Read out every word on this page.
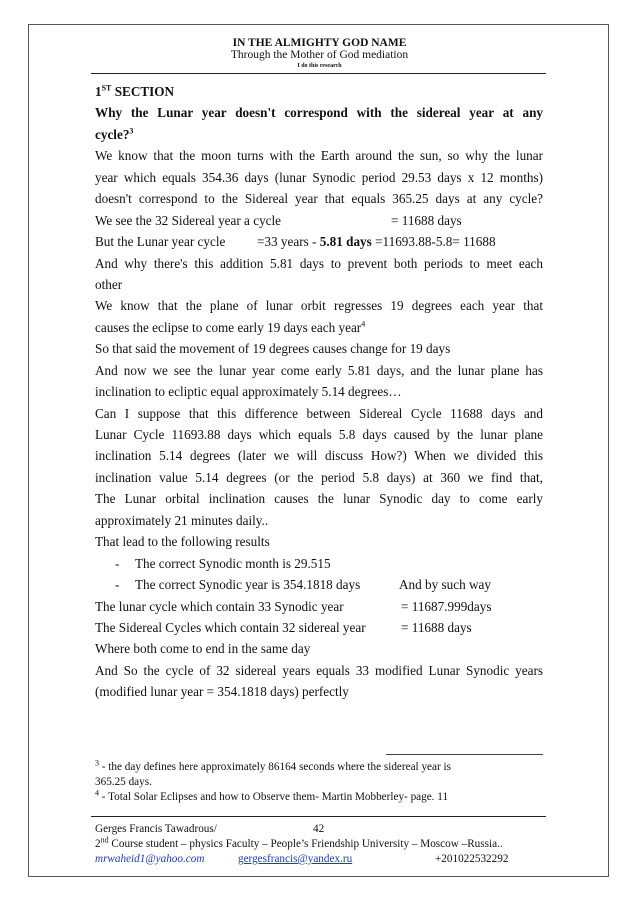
IN THE ALMIGHTY GOD NAME
Through the Mother of God mediation
I do this research
1ST SECTION
Why the Lunar year doesn't correspond with the sidereal year at any
cycle?$^3$
We know that the moon turns with the Earth around the sun, so why the lunar
year which equals 354.36 days (lunar Synodic period 29.53 days x 12 months)
doesn't correspond to the Sidereal year that equals 365.25 days at any cycle?
We see the 32 Sidereal year a cycle	= 11688 days
But the Lunar year cycle =33 years - 5.81 days =11693.88-5.8= 11688
And why there's this addition 5.81 days to prevent both periods to meet each
other
We know that the plane of lunar orbit regresses 19 degrees each year that
causes the eclipse to come early 19 days each year$^4$
So that said the movement of 19 degrees causes change for 19 days
And now we see the lunar year come early 5.81 days, and the lunar plane has
inclination to ecliptic equal approximately 5.14 degrees…
Can I suppose that this difference between Sidereal Cycle 11688 days and
Lunar Cycle 11693.88 days which equals 5.8 days caused by the lunar plane
inclination 5.14 degrees (later we will discuss How?) When we divided this
inclination value 5.14 degrees (or the period 5.8 days) at 360 we find that,
The Lunar orbital inclination causes the lunar Synodic day to come early
approximately 21 minutes daily..
That lead to the following results
- The correct Synodic month is 29.515
- The correct Synodic year is 354.1818 days	And by such way
The lunar cycle which contain 33 Synodic year	= 11687.999days
The Sidereal Cycles which contain 32 sidereal year	= 11688 days
Where both come to end in the same day
And So the cycle of 32 sidereal years equals 33 modified Lunar Synodic years
(modified lunar year = 354.1818 days) perfectly
$^3$ - the day defines here approximately 86164 seconds where the sidereal year is
365.25 days.
$^4$ - Total Solar Eclipses and how to Observe them- Martin Mobberley- page. 11
Gerges Francis Tawadrous/	42
2nd Course student – physics Faculty – People’s Friendship University – Moscow –Russia..
mrwaheid1@yahoo.com	gergesfrancis@yandex.ru	+201022532292
